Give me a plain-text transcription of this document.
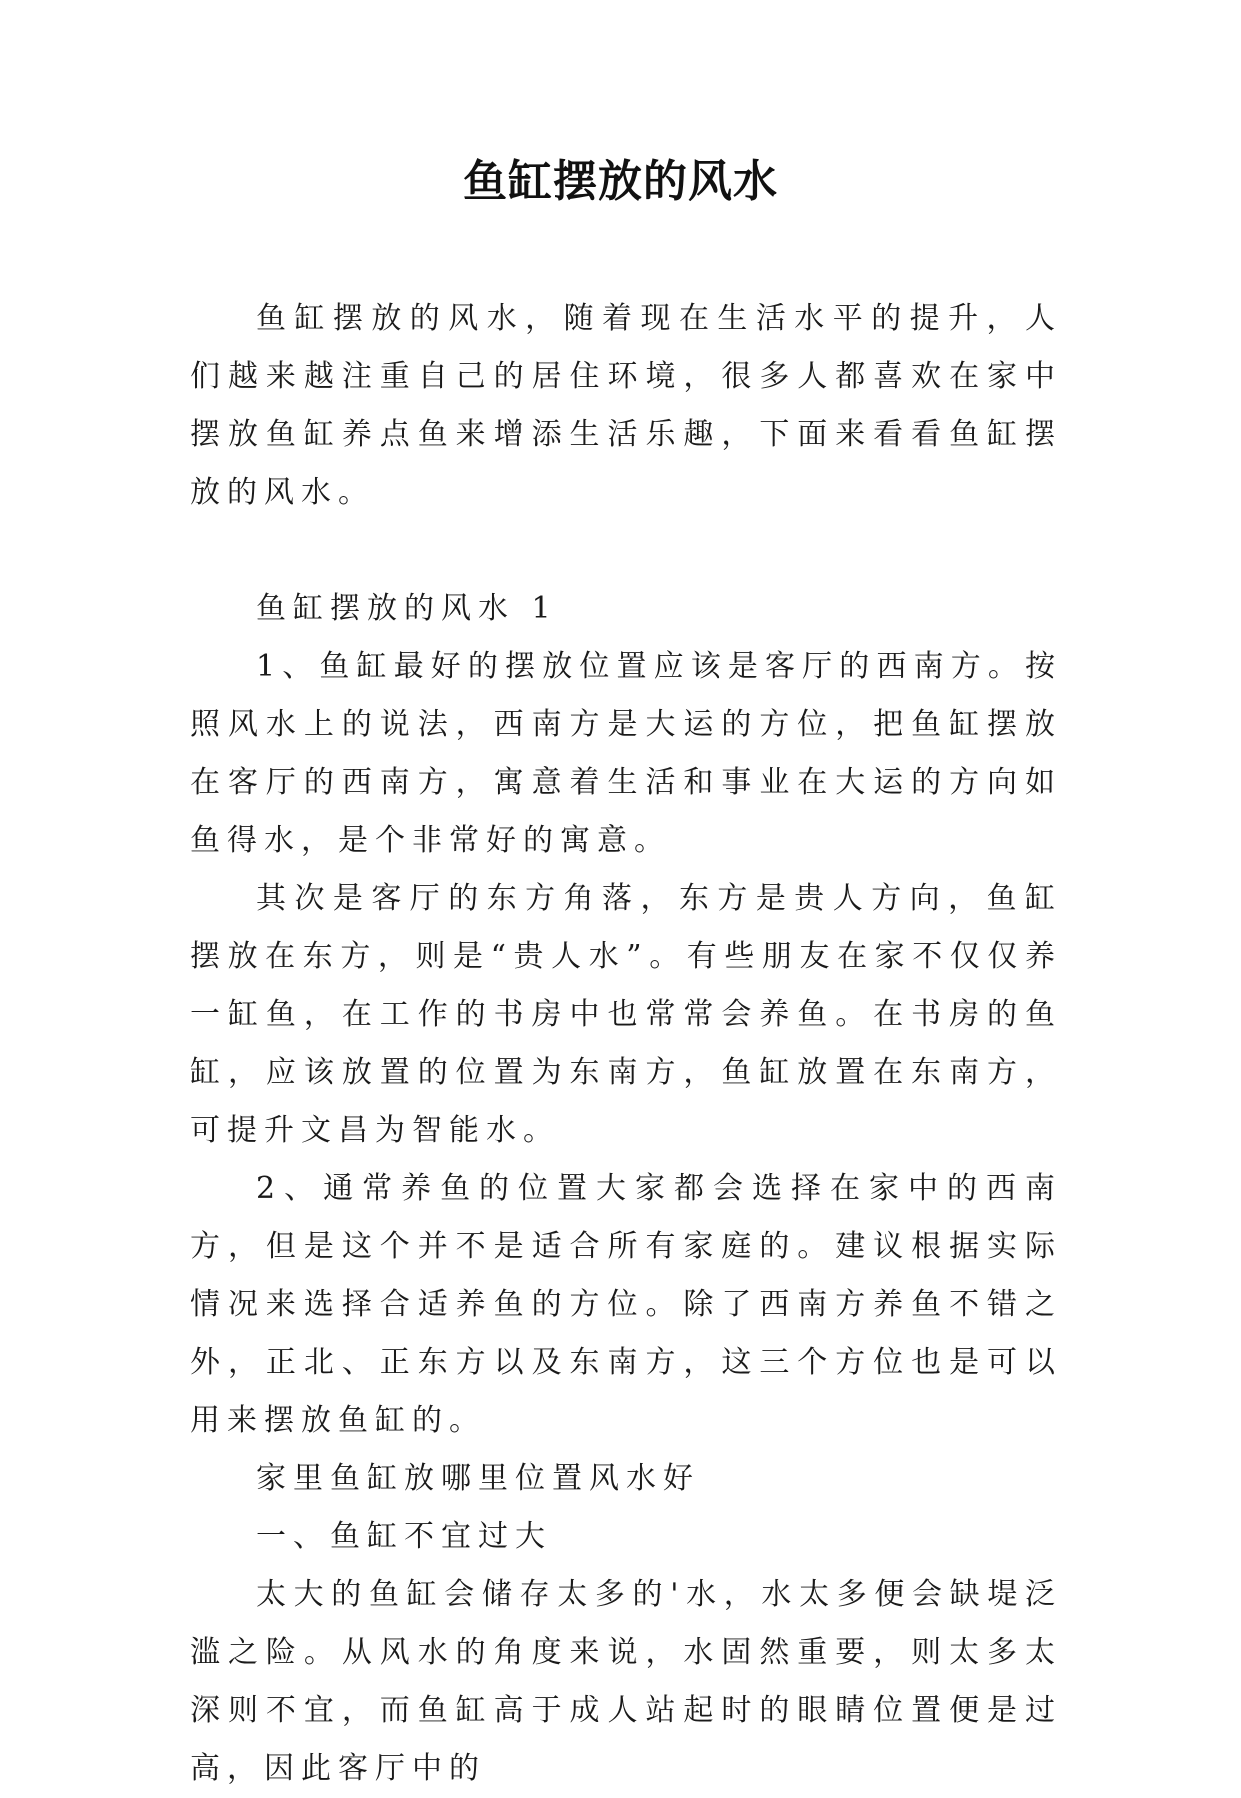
鱼缸摆放的风水

鱼缸摆放的风水，随着现在生活水平的提升，人们越来越注重自己的居住环境，很多人都喜欢在家中摆放鱼缸养点鱼来增添生活乐趣，下面来看看鱼缸摆放的风水。

鱼缸摆放的风水 1

1、鱼缸最好的摆放位置应该是客厅的西南方。按照风水上的说法，西南方是大运的方位，把鱼缸摆放在客厅的西南方，寓意着生活和事业在大运的方向如鱼得水，是个非常好的寓意。

其次是客厅的东方角落，东方是贵人方向，鱼缸摆放在东方，则是“贵人水”。有些朋友在家不仅仅养一缸鱼，在工作的书房中也常常会养鱼。在书房的鱼缸，应该放置的位置为东南方，鱼缸放置在东南方，可提升文昌为智能水。

2、通常养鱼的位置大家都会选择在家中的西南方，但是这个并不是适合所有家庭的。建议根据实际情况来选择合适养鱼的方位。除了西南方养鱼不错之外，正北、正东方以及东南方，这三个方位也是可以用来摆放鱼缸的。

家里鱼缸放哪里位置风水好

一、鱼缸不宜过大

太大的鱼缸会储存太多的'水，水太多便会缺堤泛滥之险。从风水的角度来说，水固然重要，则太多太深则不宜，而鱼缸高于成人站起时的眼睛位置便是过高，因此客厅中的
